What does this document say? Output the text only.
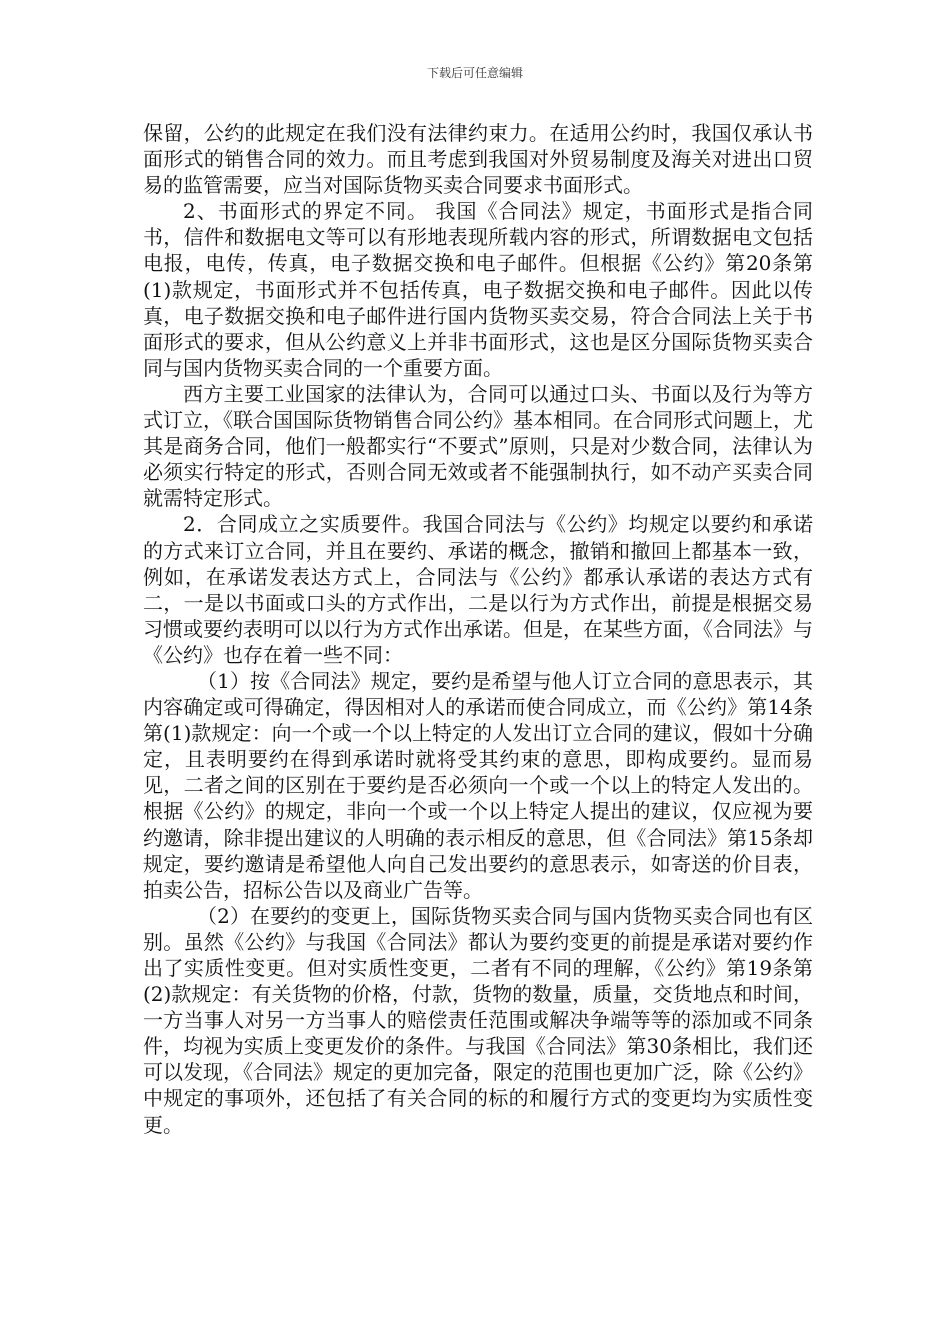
下载后可任意编辑

保留，公约的此规定在我们没有法律约束力。在适用公约时，我国仅承认书面形式的销售合同的效力。而且考虑到我国对外贸易制度及海关对进出口贸易的监管需要，应当对国际货物买卖合同要求书面形式。

2、书面形式的界定不同。 我国《合同法》规定，书面形式是指合同书，信件和数据电文等可以有形地表现所载内容的形式，所谓数据电文包括电报，电传，传真，电子数据交换和电子邮件。但根据《公约》第20条第(1)款规定，书面形式并不包括传真，电子数据交换和电子邮件。因此以传真，电子数据交换和电子邮件进行国内货物买卖交易，符合合同法上关于书面形式的要求，但从公约意义上并非书面形式，这也是区分国际货物买卖合同与国内货物买卖合同的一个重要方面。

西方主要工业国家的法律认为，合同可以通过口头、书面以及行为等方式订立，《联合国国际货物销售合同公约》基本相同。在合同形式问题上，尤其是商务合同，他们一般都实行“不要式”原则，只是对少数合同，法律认为必须实行特定的形式，否则合同无效或者不能强制执行，如不动产买卖合同就需特定形式。

2．合同成立之实质要件。我国合同法与《公约》均规定以要约和承诺的方式来订立合同，并且在要约、承诺的概念，撤销和撤回上都基本一致，例如，在承诺发表达方式上，合同法与《公约》都承认承诺的表达方式有二，一是以书面或口头的方式作出，二是以行为方式作出，前提是根据交易习惯或要约表明可以以行为方式作出承诺。但是，在某些方面，《合同法》与《公约》也存在着一些不同：

（1）按《合同法》规定，要约是希望与他人订立合同的意思表示，其内容确定或可得确定，得因相对人的承诺而使合同成立，而《公约》第14条第(1)款规定：向一个或一个以上特定的人发出订立合同的建议，假如十分确定，且表明要约在得到承诺时就将受其约束的意思，即构成要约。显而易见，二者之间的区别在于要约是否必须向一个或一个以上的特定人发出的。根据《公约》的规定，非向一个或一个以上特定人提出的建议，仅应视为要约邀请，除非提出建议的人明确的表示相反的意思，但《合同法》第15条却规定，要约邀请是希望他人向自己发出要约的意思表示，如寄送的价目表，拍卖公告，招标公告以及商业广告等。

（2）在要约的变更上，国际货物买卖合同与国内货物买卖合同也有区别。虽然《公约》与我国《合同法》都认为要约变更的前提是承诺对要约作出了实质性变更。但对实质性变更，二者有不同的理解，《公约》第19条第(2)款规定：有关货物的价格，付款，货物的数量，质量，交货地点和时间，一方当事人对另一方当事人的赔偿责任范围或解决争端等等的添加或不同条件，均视为实质上变更发价的条件。与我国《合同法》第30条相比，我们还可以发现，《合同法》规定的更加完备，限定的范围也更加广泛，除《公约》中规定的事项外，还包括了有关合同的标的和履行方式的变更均为实质性变更。
